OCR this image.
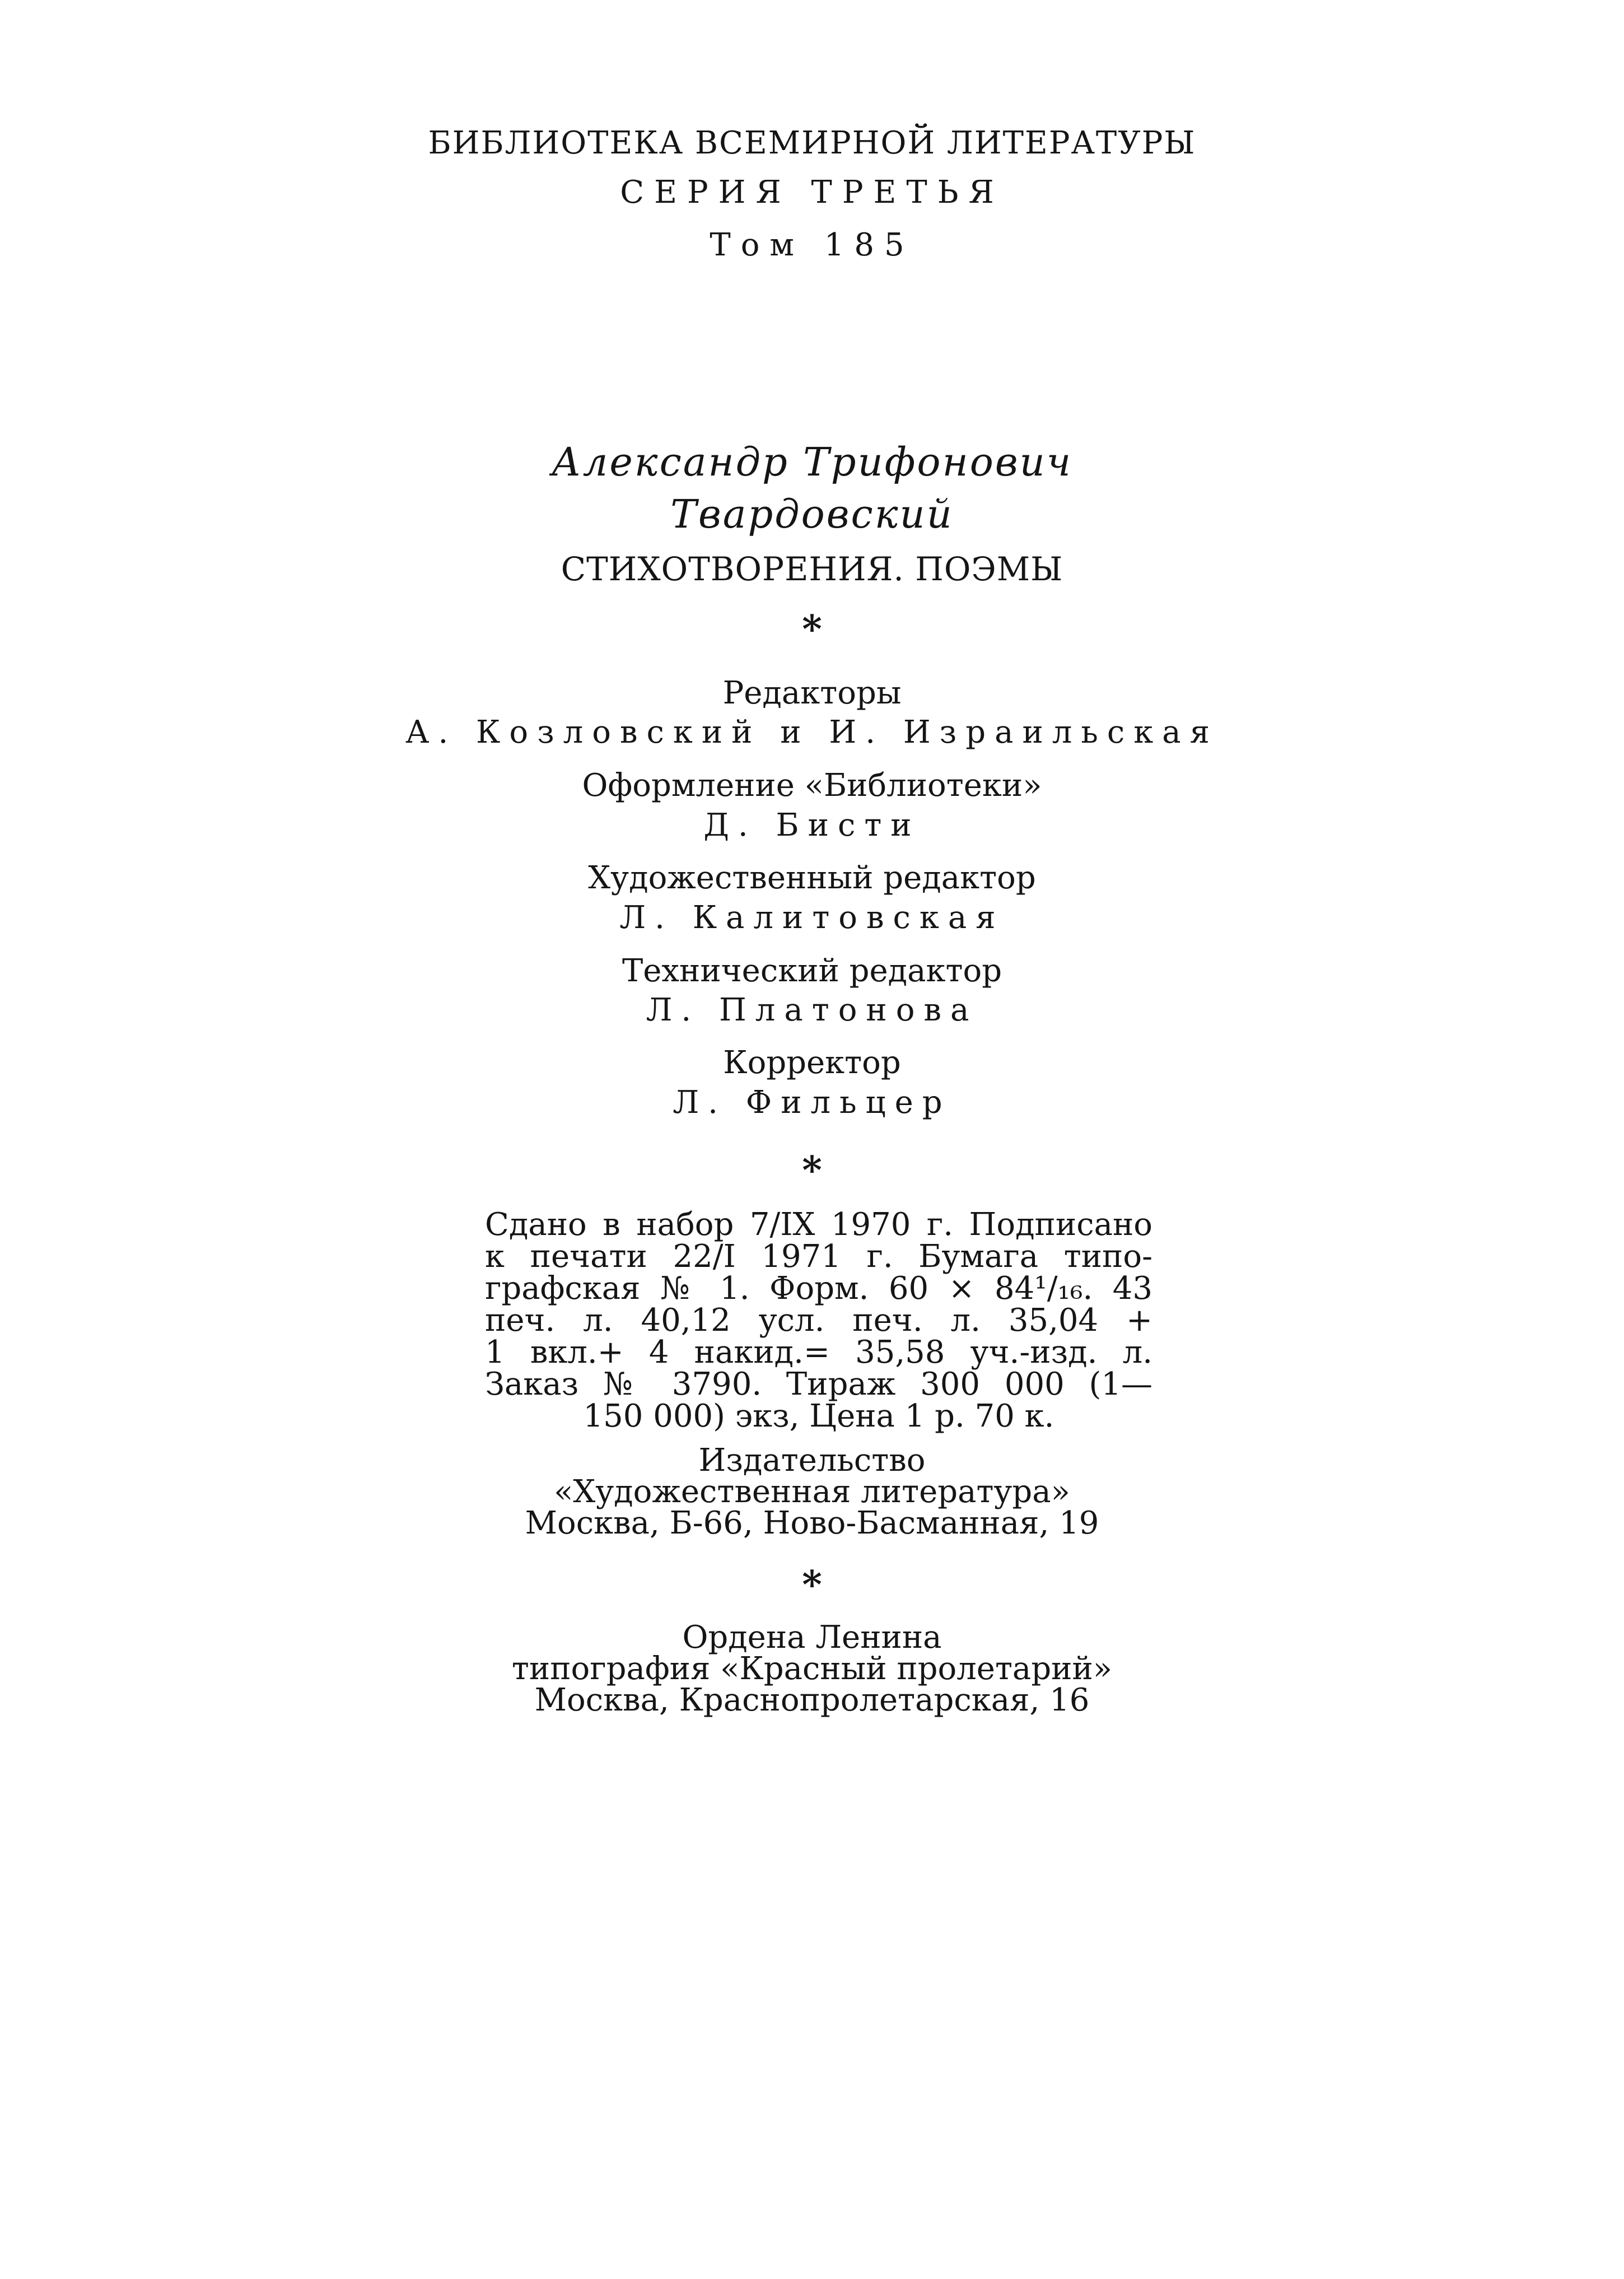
БИБЛИОТЕКА ВСЕМИРНОЙ ЛИТЕРАТУРЫ
СЕРИЯ ТРЕТЬЯ
Том 185
Александр Трифонович
Твардовский
СТИХОТВОРЕНИЯ. ПОЭМЫ
*
Редакторы
А. Козловский и И. Израильская
Оформление «Библиотеки»
Д. Бисти
Художественный редактор
Л. Калитовская
Технический редактор
Л. Платонова
Корректор
Л. Фильцер
*
Сдано в набор 7/IX 1970 г. Подписано
к печати 22/I 1971 г. Бумага типо-
графская № 1. Форм. 60 × 84¹/₁₆. 43
печ. л. 40,12 усл. печ. л. 35,04 +
1 вкл.+ 4 накид.= 35,58 уч.-изд. л.
Заказ № 3790. Тираж 300 000 (1—
150 000) экз, Цена 1 р. 70 к.
Издательство
«Художественная литература»
Москва, Б-66, Ново-Басманная, 19
*
Ордена Ленина
типография «Красный пролетарий»
Москва, Краснопролетарская, 16
